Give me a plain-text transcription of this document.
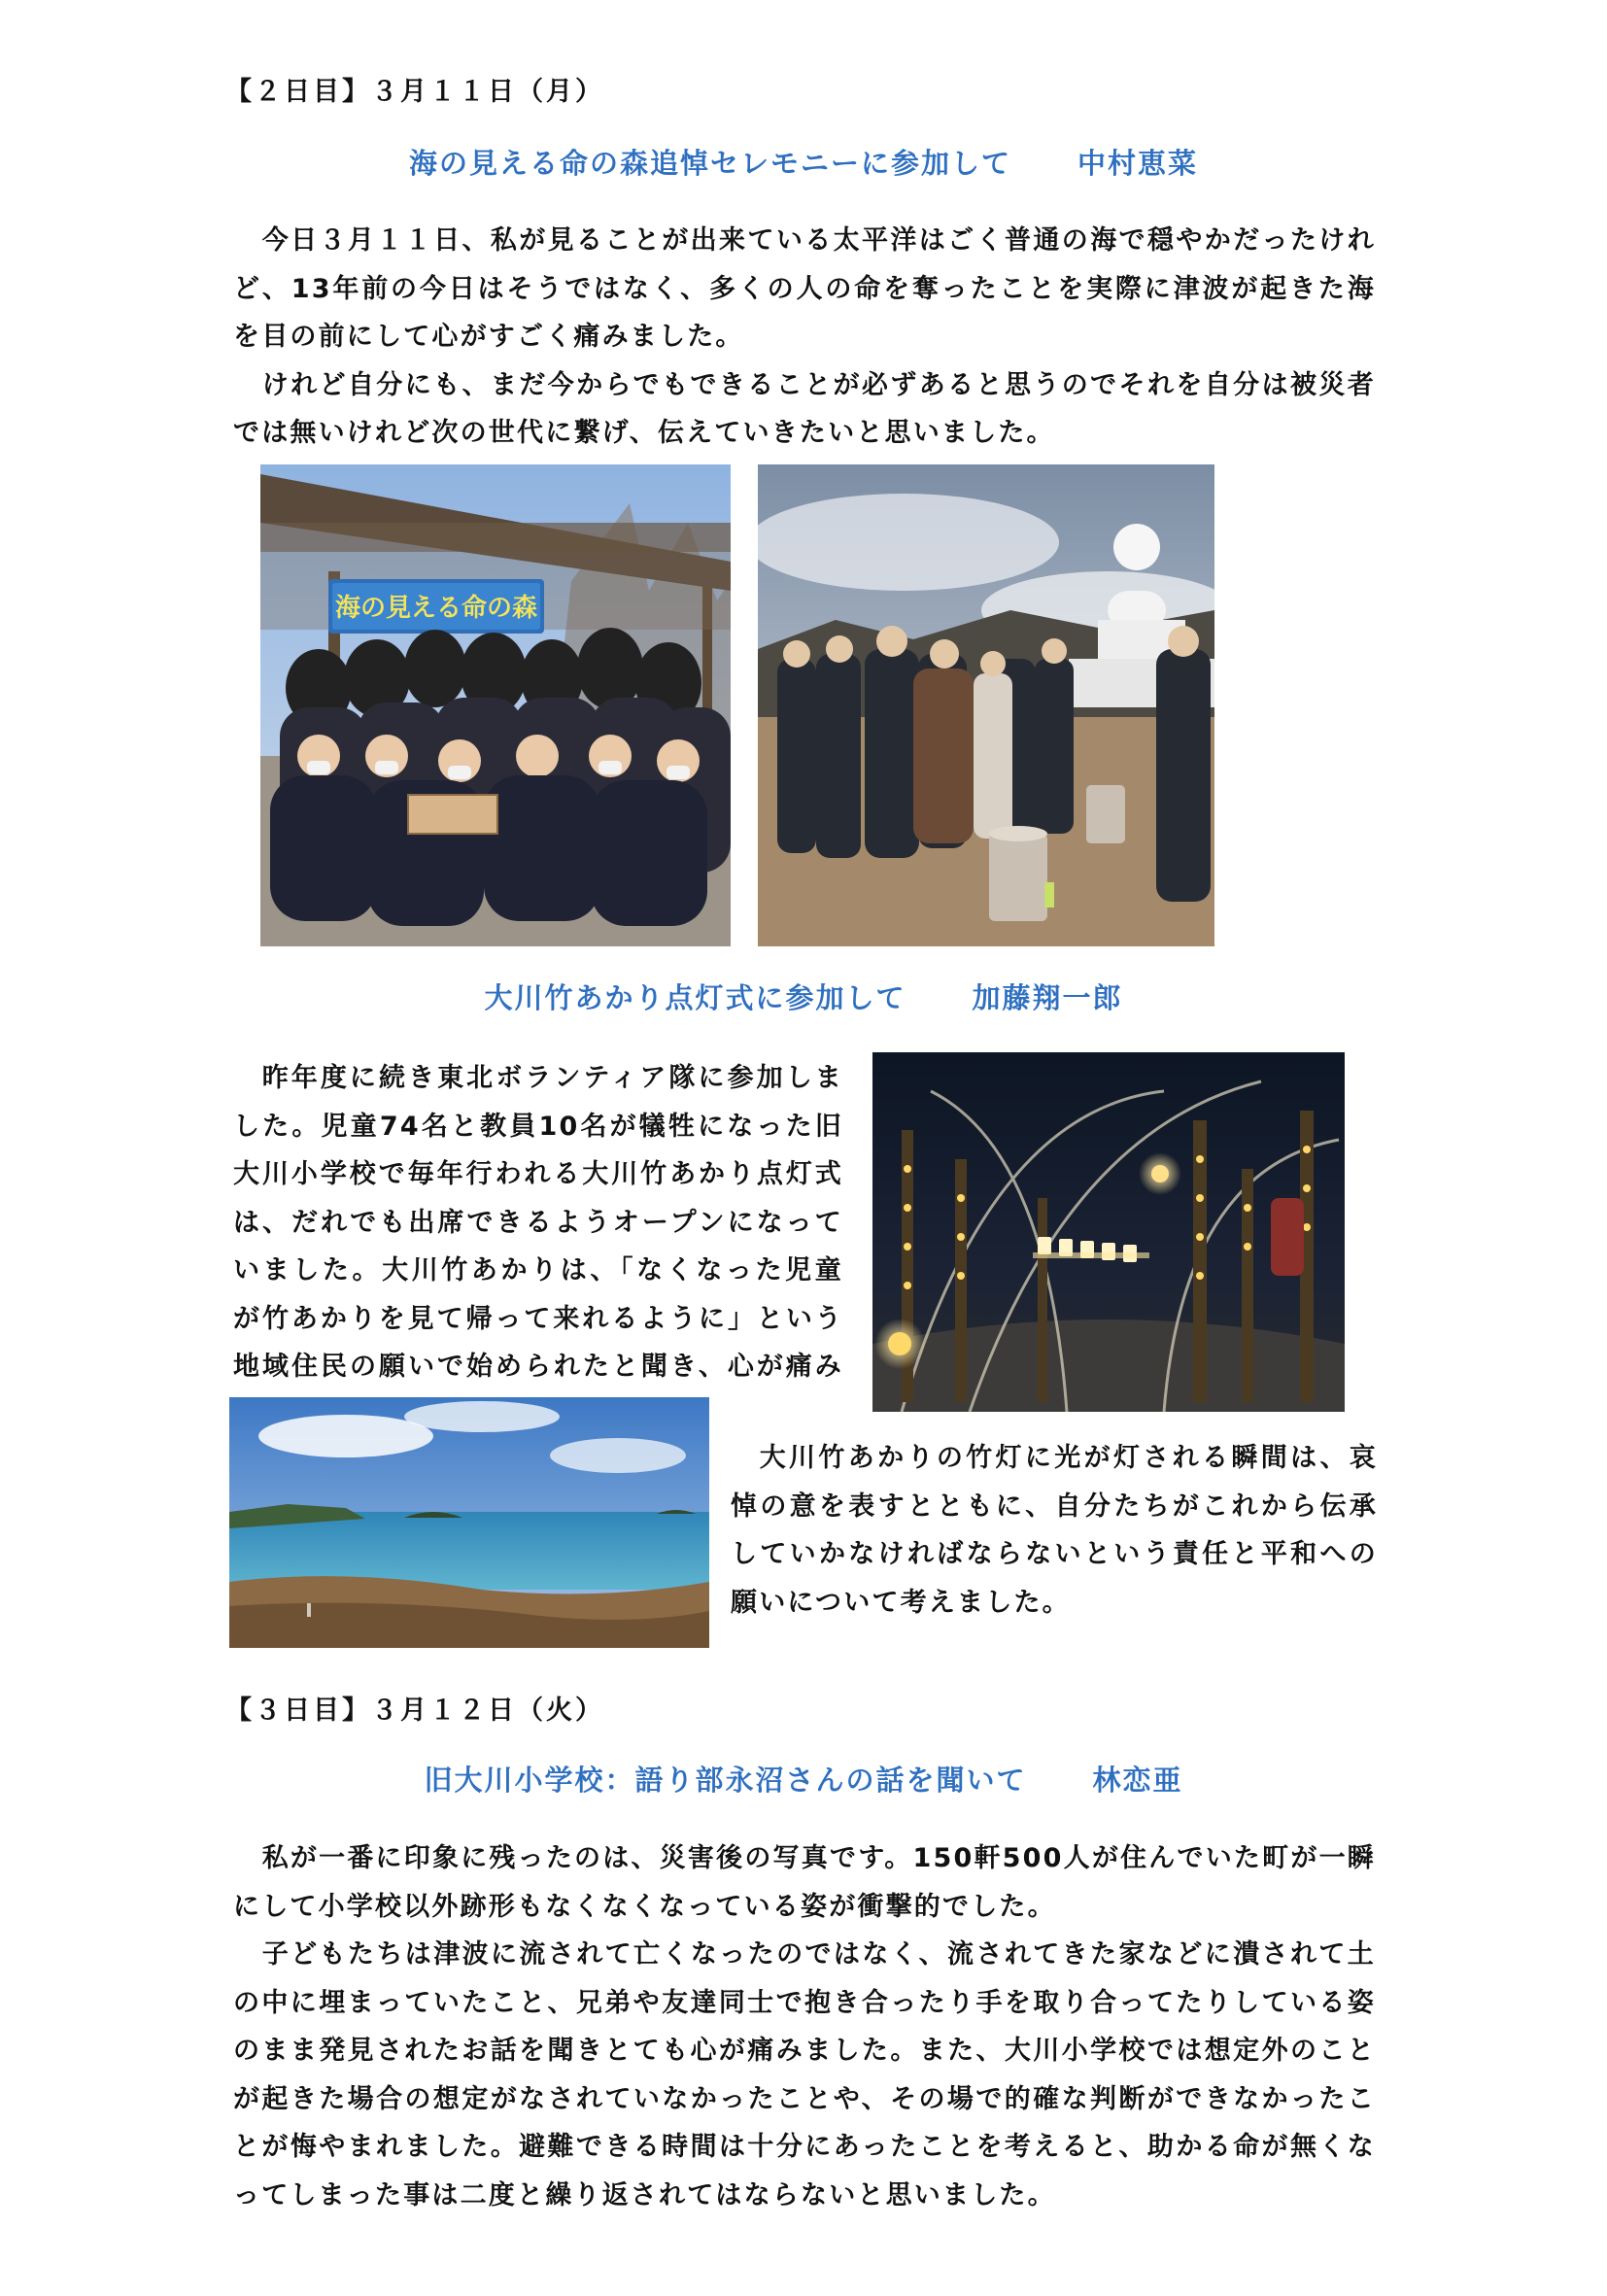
【２日目】３月１１日（月）
海の見える命の森追悼セレモニーに参加して 中村恵菜

今日３月１１日、私が見ることが出来ている太平洋はごく普通の海で穏やかだったけれど、13年前の今日はそうではなく、多くの人の命を奪ったことを実際に津波が起きた海を目の前にして心がすごく痛みました。

けれど自分にも、まだ今からでもできることが必ずあると思うのでそれを自分は被災者では無いけれど次の世代に繋げ、伝えていきたいと思いました。

海の見える命の森
大川竹あかり点灯式に参加して 加藤翔一郎

昨年度に続き東北ボランティア隊に参加しました。児童74名と教員10名が犠牲になった旧大川小学校で毎年行われる大川竹あかり点灯式は、だれでも出席できるようオープンになっていました。大川竹あかりは、「なくなった児童が竹あかりを見て帰って来れるように」という地域住民の願いで始められたと聞き、心が痛み

大川竹あかりの竹灯に光が灯される瞬間は、哀悼の意を表すとともに、自分たちがこれから伝承していかなければならないという責任と平和への願いについて考えました。

【３日目】３月１２日（火）
旧大川小学校：語り部永沼さんの話を聞いて 林恋亜

私が一番に印象に残ったのは、災害後の写真です。150軒500人が住んでいた町が一瞬にして小学校以外跡形もなくなくなっている姿が衝撃的でした。

子どもたちは津波に流されて亡くなったのではなく、流されてきた家などに潰されて土の中に埋まっていたこと、兄弟や友達同士で抱き合ったり手を取り合ってたりしている姿のまま発見されたお話を聞きとても心が痛みました。また、大川小学校では想定外のことが起きた場合の想定がなされていなかったことや、その場で的確な判断ができなかったことが悔やまれました。避難できる時間は十分にあったことを考えると、助かる命が無くなってしまった事は二度と繰り返されてはならないと思いました。
